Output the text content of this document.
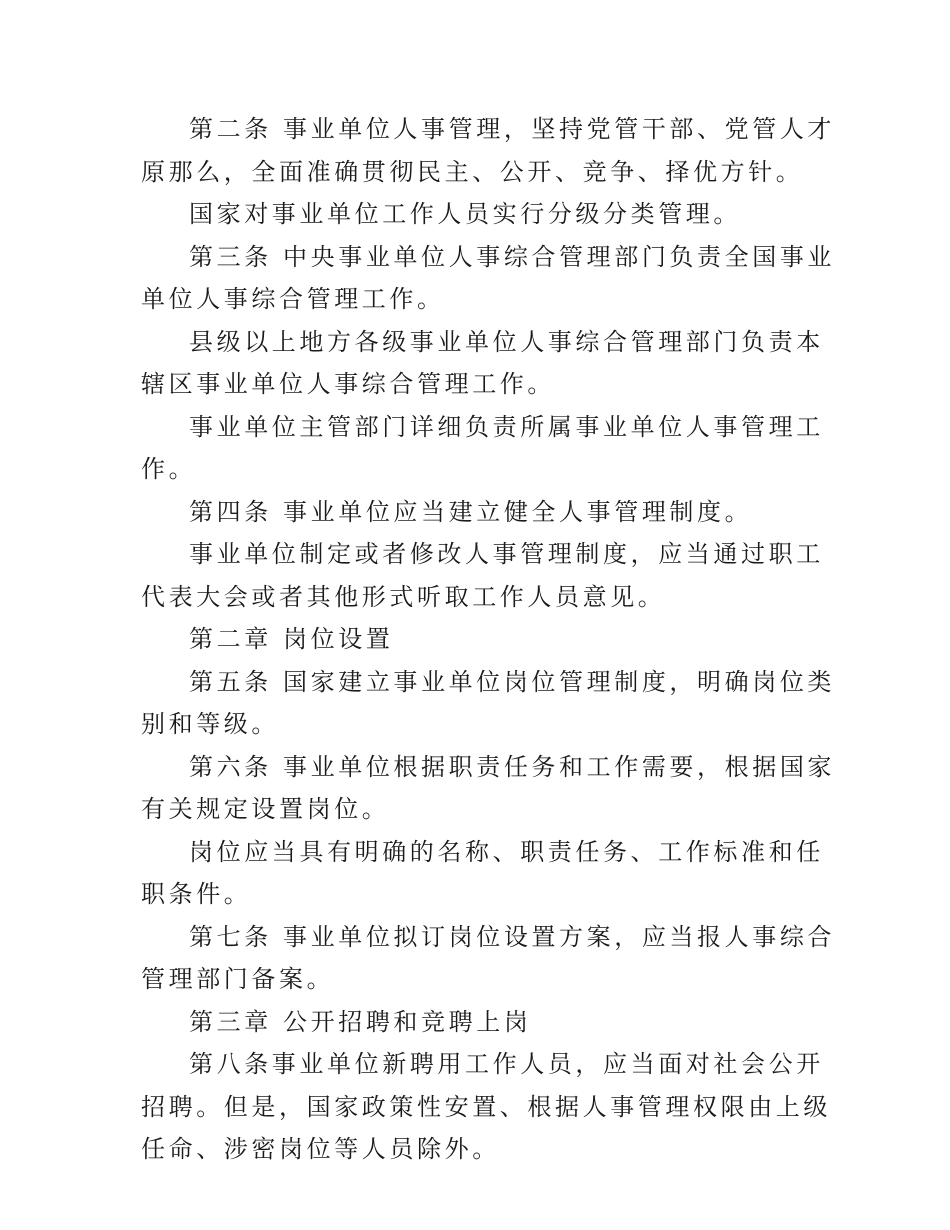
第二条 事业单位人事管理，坚持党管干部、党管人才原那么，全面准确贯彻民主、公开、竞争、择优方针。

国家对事业单位工作人员实行分级分类管理。

第三条 中央事业单位人事综合管理部门负责全国事业单位人事综合管理工作。

县级以上地方各级事业单位人事综合管理部门负责本辖区事业单位人事综合管理工作。

事业单位主管部门详细负责所属事业单位人事管理工作。

第四条 事业单位应当建立健全人事管理制度。

事业单位制定或者修改人事管理制度，应当通过职工代表大会或者其他形式听取工作人员意见。

第二章 岗位设置

第五条 国家建立事业单位岗位管理制度，明确岗位类别和等级。

第六条 事业单位根据职责任务和工作需要，根据国家有关规定设置岗位。

岗位应当具有明确的名称、职责任务、工作标准和任职条件。

第七条 事业单位拟订岗位设置方案，应当报人事综合管理部门备案。

第三章 公开招聘和竞聘上岗

第八条事业单位新聘用工作人员，应当面对社会公开招聘。但是，国家政策性安置、根据人事管理权限由上级任命、涉密岗位等人员除外。
